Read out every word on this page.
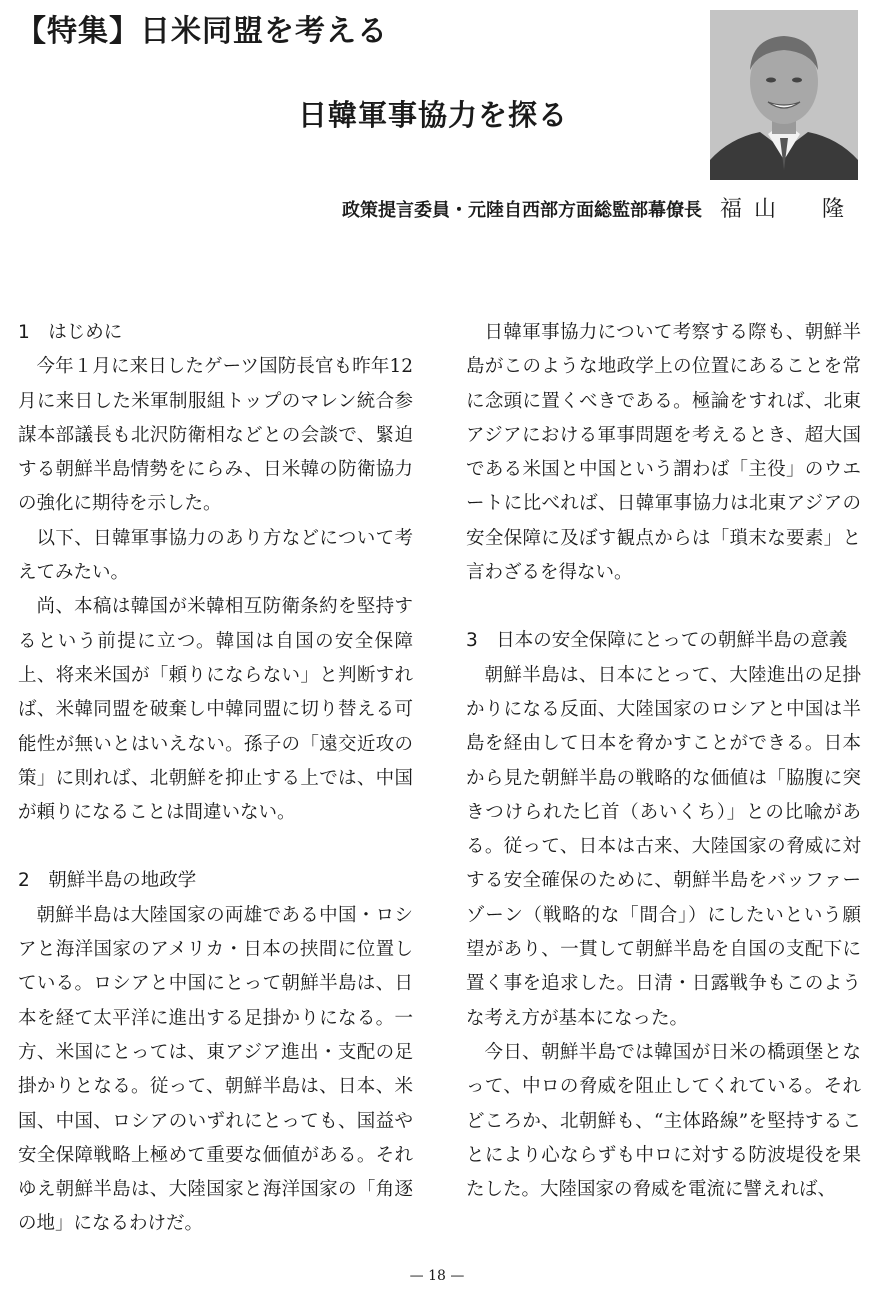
【特集】日米同盟を考える
日韓軍事協力を探る
政策提言委員・元陸自西部方面総監部幕僚長 福山　隆
1　はじめに

今年１月に来日したゲーツ国防長官も昨年12月に来日した米軍制服組トップのマレン統合参謀本部議長も北沢防衛相などとの会談で、緊迫する朝鮮半島情勢をにらみ、日米韓の防衛協力の強化に期待を示した。

以下、日韓軍事協力のあり方などについて考えてみたい。

尚、本稿は韓国が米韓相互防衛条約を堅持するという前提に立つ。韓国は自国の安全保障上、将来米国が「頼りにならない」と判断すれば、米韓同盟を破棄し中韓同盟に切り替える可能性が無いとはいえない。孫子の「遠交近攻の策」に則れば、北朝鮮を抑止する上では、中国が頼りになることは間違いない。

2　朝鮮半島の地政学

朝鮮半島は大陸国家の両雄である中国・ロシアと海洋国家のアメリカ・日本の挟間に位置している。ロシアと中国にとって朝鮮半島は、日本を経て太平洋に進出する足掛かりになる。一方、米国にとっては、東アジア進出・支配の足掛かりとなる。従って、朝鮮半島は、日本、米国、中国、ロシアのいずれにとっても、国益や安全保障戦略上極めて重要な価値がある。それゆえ朝鮮半島は、大陸国家と海洋国家の「角逐の地」になるわけだ。

日韓軍事協力について考察する際も、朝鮮半島がこのような地政学上の位置にあることを常に念頭に置くべきである。極論をすれば、北東アジアにおける軍事問題を考えるとき、超大国である米国と中国という謂わば「主役」のウエートに比べれば、日韓軍事協力は北東アジアの安全保障に及ぼす観点からは「瑣末な要素」と言わざるを得ない。

3　日本の安全保障にとっての朝鮮半島の意義

朝鮮半島は、日本にとって、大陸進出の足掛かりになる反面、大陸国家のロシアと中国は半島を経由して日本を脅かすことができる。日本から見た朝鮮半島の戦略的な価値は「脇腹に突きつけられた匕首（あいくち）」との比喩がある。従って、日本は古来、大陸国家の脅威に対する安全確保のために、朝鮮半島をバッファーゾーン（戦略的な「間合」）にしたいという願望があり、一貫して朝鮮半島を自国の支配下に置く事を追求した。日清・日露戦争もこのような考え方が基本になった。

今日、朝鮮半島では韓国が日米の橋頭堡となって、中ロの脅威を阻止してくれている。それどころか、北朝鮮も、“主体路線”を堅持することにより心ならずも中ロに対する防波堤役を果たした。大陸国家の脅威を電流に譬えれば、

— 18 —
